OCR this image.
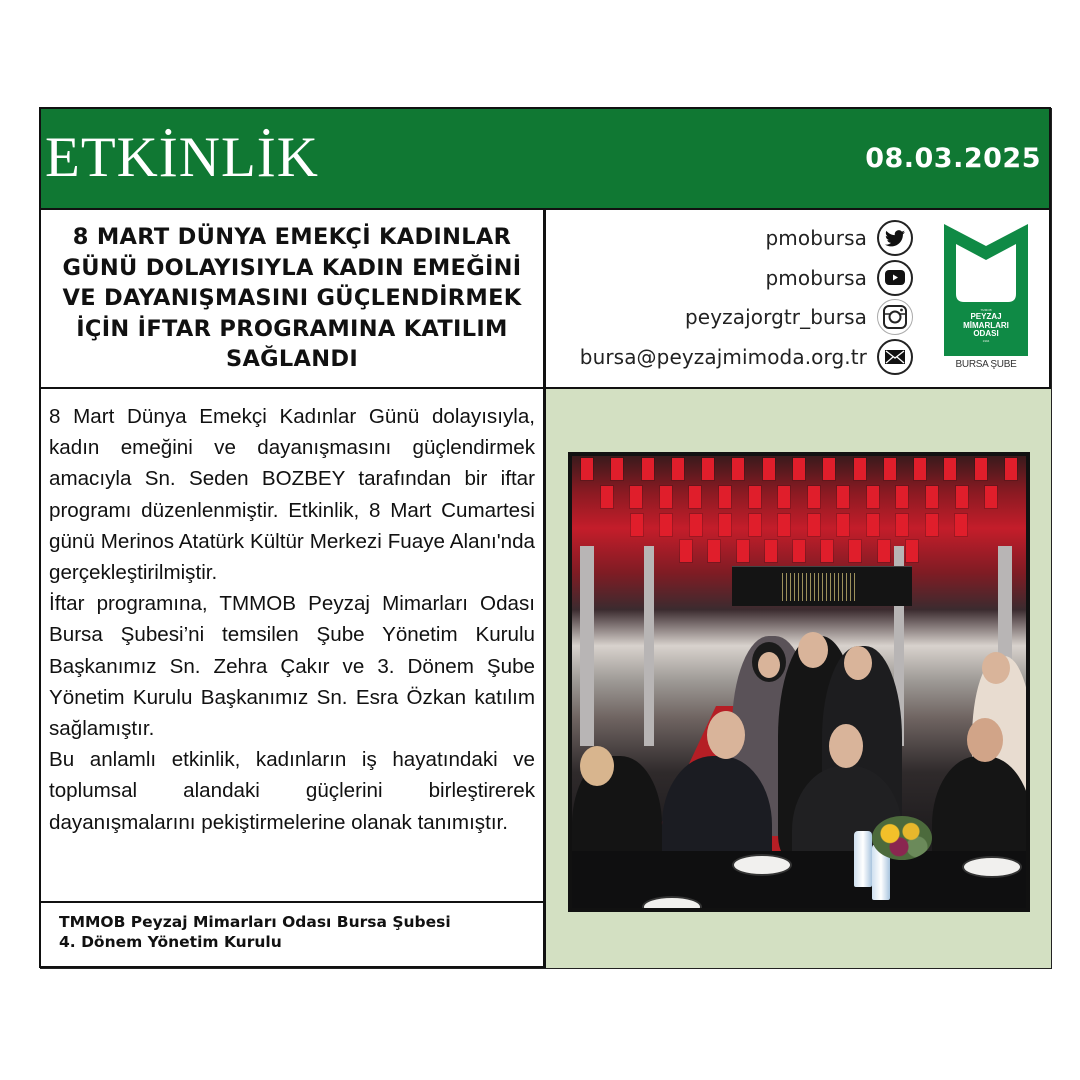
ETKİNLİK	08.03.2025
8 MART DÜNYA EMEKÇİ KADINLAR GÜNÜ DOLAYISIYLA KADIN EMEĞİNİ VE DAYANIŞMASINI GÜÇLENDİRMEK İÇİN İFTAR PROGRAMINA KATILIM SAĞLANDI
pmobursa
pmobursa
peyzajorgtr_bursa
bursa@peyzajmimoda.org.tr
TMMOB
PEYZAJ
MİMARLARI
ODASI
1994
BURSA ŞUBE

8 Mart Dünya Emekçi Kadınlar Günü dolayısıyla, kadın emeğini ve dayanışmasını güçlendirmek amacıyla Sn. Seden BOZBEY tarafından bir iftar programı düzenlenmiştir. Etkinlik, 8 Mart Cumartesi günü Merinos Atatürk Kültür Merkezi Fuaye Alanı'nda gerçekleştirilmiştir.

İftar programına, TMMOB Peyzaj Mimarları Odası Bursa Şubesi’ni temsilen Şube Yönetim Kurulu Başkanımız Sn. Zehra Çakır ve 3. Dönem Şube Yönetim Kurulu Başkanımız Sn. Esra Özkan katılım sağlamıştır.

Bu anlamlı etkinlik, kadınların iş hayatındaki ve toplumsal alandaki güçlerini birleştirerek dayanışmalarını pekiştirmelerine olanak tanımıştır.

TMMOB Peyzaj Mimarları Odası Bursa Şubesi
4. Dönem Yönetim Kurulu
